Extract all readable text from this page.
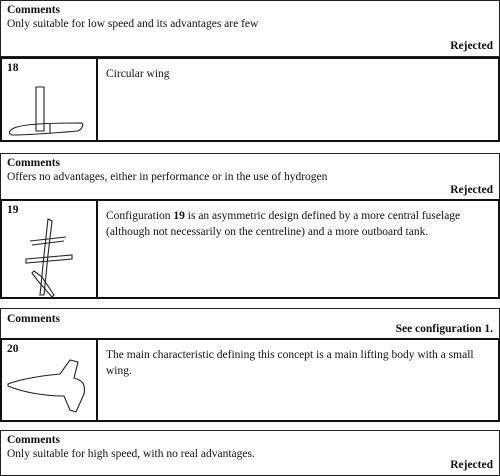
Comments
Only suitable for low speed and its advantages are few
Rejected
18	Circular wing
Comments
Offers no advantages, either in performance or in the use of hydrogen
Rejected
19	Configuration 19 is an asymmetric design defined by a more central fuselage (although not necessarily on the centreline) and a more outboard tank.
Comments
See configuration 1.
20	The main characteristic defining this concept is a main lifting body with a small wing.
Comments
Only suitable for high speed, with no real advantages.
Rejected
